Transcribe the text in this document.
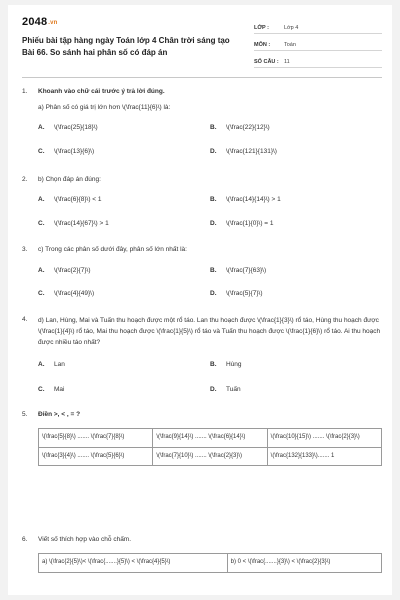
2048.vn
Phiếu bài tập hàng ngày Toán lớp 4 Chân trời sáng tạo Bài 66. So sánh hai phân số có đáp án
LỚP :	Lớp 4
MÔN :	Toán
SỐ CÂU : 11
1.	Khoanh vào chữ cái trước ý trả lời đúng.
a) Phân số có giá trị lớn hơn \(\frac{11}{6}\) là:
A.	\(\frac{25}{18}\)	B.	\(\frac{22}{12}\)
C.	\(\frac{13}{6}\)	D.	\(\frac{121}{131}\)
2.	b) Chọn đáp án đúng:
A.	\(\frac{6}{8}\) < 1	B.	\(\frac{14}{14}\) > 1
C.	\(\frac{14}{67}\) > 1	D.	\(\frac{1}{0}\) = 1
3.	c) Trong các phân số dưới đây, phân số lớn nhất là:
A.	\(\frac{2}{7}\)	B.	\(\frac{7}{63}\)
C.	\(\frac{4}{49}\)	D.	\(\frac{5}{7}\)
4.	d) Lan, Hùng, Mai và Tuấn thu hoạch được một rổ táo. Lan thu hoạch được \(\frac{1}{3}\) rổ táo, Hùng thu hoạch được \(\frac{1}{4}\) rổ táo, Mai thu hoạch được \(\frac{1}{5}\) rổ táo và Tuấn thu hoạch được \(\frac{1}{6}\) rổ táo. Ai thu hoạch được nhiều táo nhất?
A.	Lan	B.	Hùng
C.	Mai	D.	Tuấn
5.	Điền >, < , = ?
\(\frac{5}{8}\) ....... \(\frac{7}{8}\)	\(\frac{9}{14}\) ....... \(\frac{6}{14}\)	\(\frac{10}{15}\) ....... \(\frac{2}{3}\)
\(\frac{3}{4}\) ....... \(\frac{5}{6}\)	\(\frac{7}{10}\) ....... \(\frac{2}{3}\)	\(\frac{132}{133}\)....... 1
6.	Viết số thích hợp vào chỗ chấm.
a) \(\frac{2}{5}\)< \(\frac{.......}{5}\) < \(\frac{4}{5}\)	b) 0 < \(\frac{.......}{3}\) < \(\frac{2}{3}\)
